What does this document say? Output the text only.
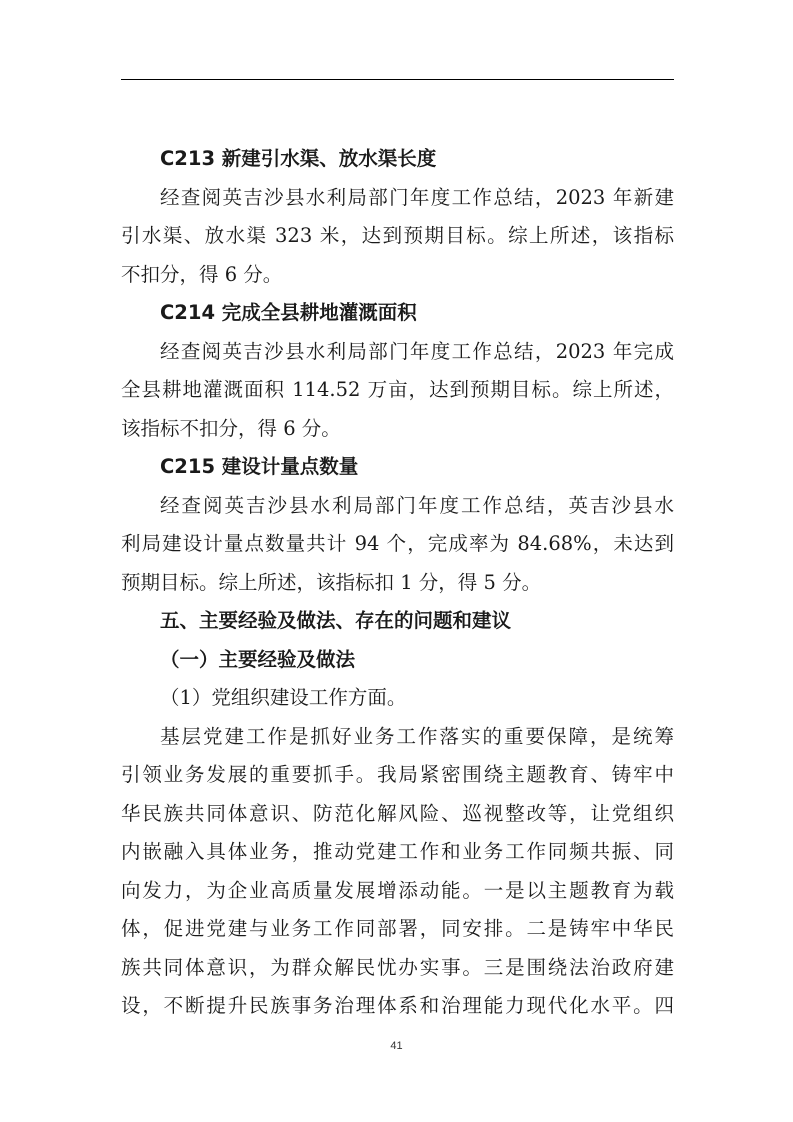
C213 新建引水渠、放水渠长度
经查阅英吉沙县水利局部门年度工作总结，2023 年新建
引水渠、放水渠 323 米，达到预期目标。综上所述，该指标
不扣分，得 6 分。
C214 完成全县耕地灌溉面积
经查阅英吉沙县水利局部门年度工作总结，2023 年完成
全县耕地灌溉面积 114.52 万亩，达到预期目标。综上所述，
该指标不扣分，得 6 分。
C215 建设计量点数量
经查阅英吉沙县水利局部门年度工作总结，英吉沙县水
利局建设计量点数量共计 94 个，完成率为 84.68%，未达到
预期目标。综上所述，该指标扣 1 分，得 5 分。
五、主要经验及做法、存在的问题和建议
（一）主要经验及做法
（1）党组织建设工作方面。
基层党建工作是抓好业务工作落实的重要保障，是统筹
引领业务发展的重要抓手。我局紧密围绕主题教育、铸牢中
华民族共同体意识、防范化解风险、巡视整改等，让党组织
内嵌融入具体业务，推动党建工作和业务工作同频共振、同
向发力，为企业高质量发展增添动能。一是以主题教育为载
体，促进党建与业务工作同部署，同安排。二是铸牢中华民
族共同体意识，为群众解民忧办实事。三是围绕法治政府建
设，不断提升民族事务治理体系和治理能力现代化水平。四
41
